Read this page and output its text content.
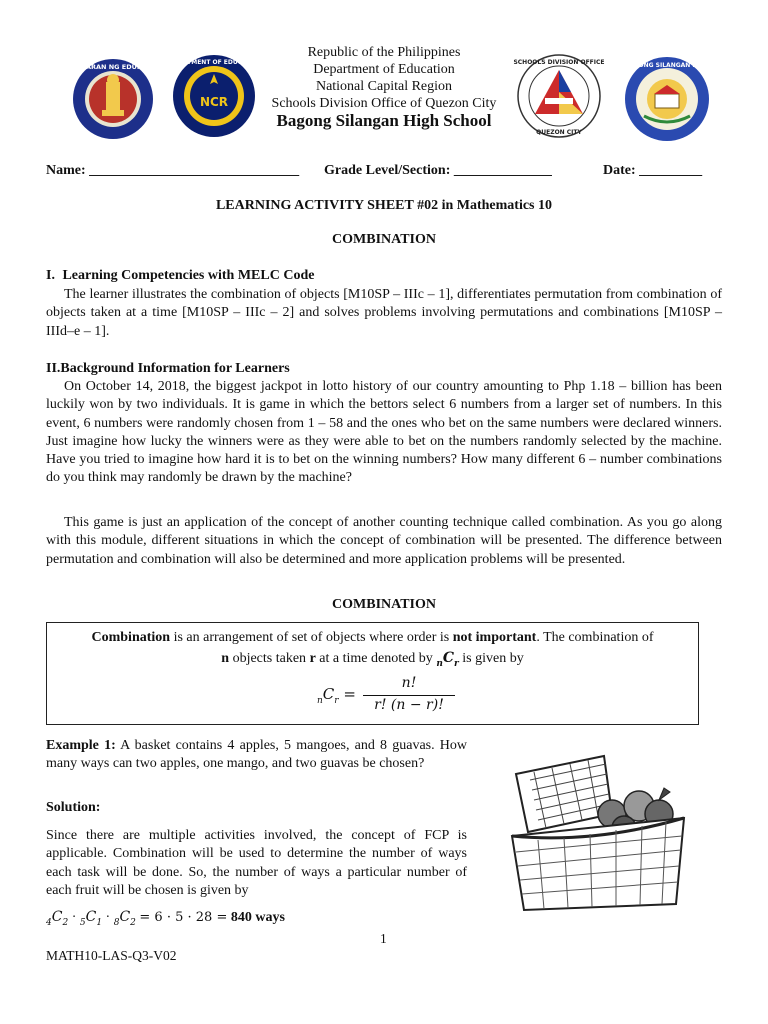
KAGAWARAN NG EDUKASYON
NCR
DEPARTMENT OF EDUCATION	SCHOOLS DIVISION OFFICE
QUEZON CITY
BAGONG SILANGAN HIGH
Republic of the Philippines
Department of Education
National Capital Region
Schools Division Office of Quezon City
Bagong Silangan High School
Name: ______________________________ Grade Level/Section: ______________	Date: _________
LEARNING ACTIVITY SHEET #02 in Mathematics 10
COMBINATION
I. Learning Competencies with MELC Code
The learner illustrates the combination of objects [M10SP – IIIc – 1], differentiates permutation from combination of objects taken at a time [M10SP – IIIc – 2] and solves problems involving permutations and combinations [M10SP – IIId–e – 1].
II.Background Information for Learners
On October 14, 2018, the biggest jackpot in lotto history of our country amounting to Php 1.18 – billion has been luckily won by two individuals. It is game in which the bettors select 6 numbers from a larger set of numbers. In this event, 6 numbers were randomly chosen from 1 – 58 and the ones who bet on the same numbers were declared winners. Just imagine how lucky the winners were as they were able to bet on the numbers randomly selected by the machine. Have you tried to imagine how hard it is to bet on the winning numbers? How many different 6 – number combinations do you think may randomly be drawn by the machine?
This game is just an application of the concept of another counting technique called combination. As you go along with this module, different situations in which the concept of combination will be presented. The difference between permutation and combination will also be determined and more application problems will be presented.
COMBINATION
Combination is an arrangement of set of objects where order is not important. The combination of
n objects taken r at a time denoted by $_nC_r$ is given by
$_nC_r$ =
n!
r! (n − r)!
Example 1: A basket contains 4 apples, 5 mangoes, and 8 guavas. How many ways can two apples, one mango, and two guavas be chosen?
Solution:
Since there are multiple activities involved, the concept of FCP is applicable. Combination will be used to determine the number of ways each task will be done. So, the number of ways a particular number of each fruit will be chosen is given by
$_4C_2 \cdot _5C_1 \cdot _8C_2 = 6 \cdot 5 \cdot 28 = 840$ ways
1
MATH10-LAS-Q3-V02
